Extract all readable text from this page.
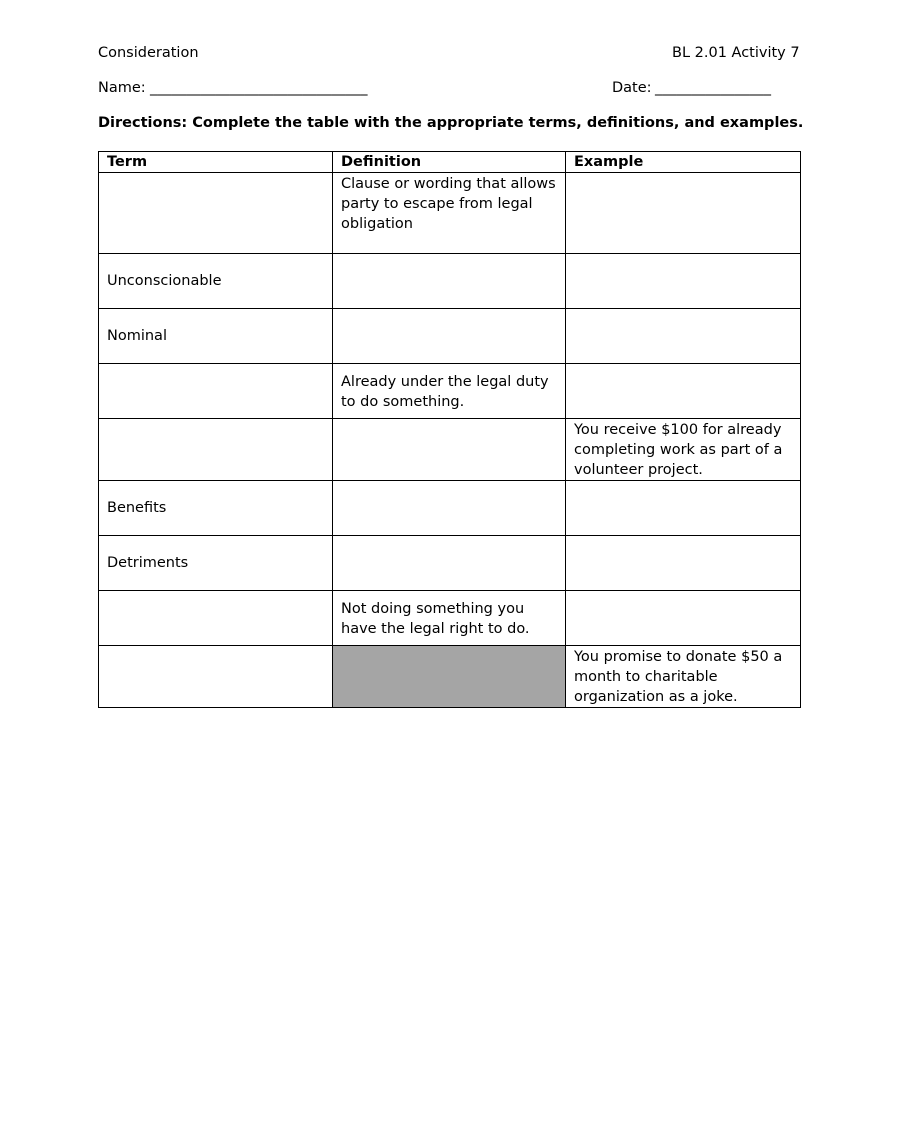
Consideration	BL 2.01 Activity 7
Name: ______________________________	Date: ________________
Directions: Complete the table with the appropriate terms, definitions, and examples.
Term	Definition	Example
	Clause or wording that allows party to escape from legal obligation	
Unconscionable		
Nominal		
	Already under the legal duty to do something.	
		You receive $100 for already completing work as part of a volunteer project.
Benefits		
Detriments		
	Not doing something you have the legal right to do.	
		You promise to donate $50 a month to charitable organization as a joke.
